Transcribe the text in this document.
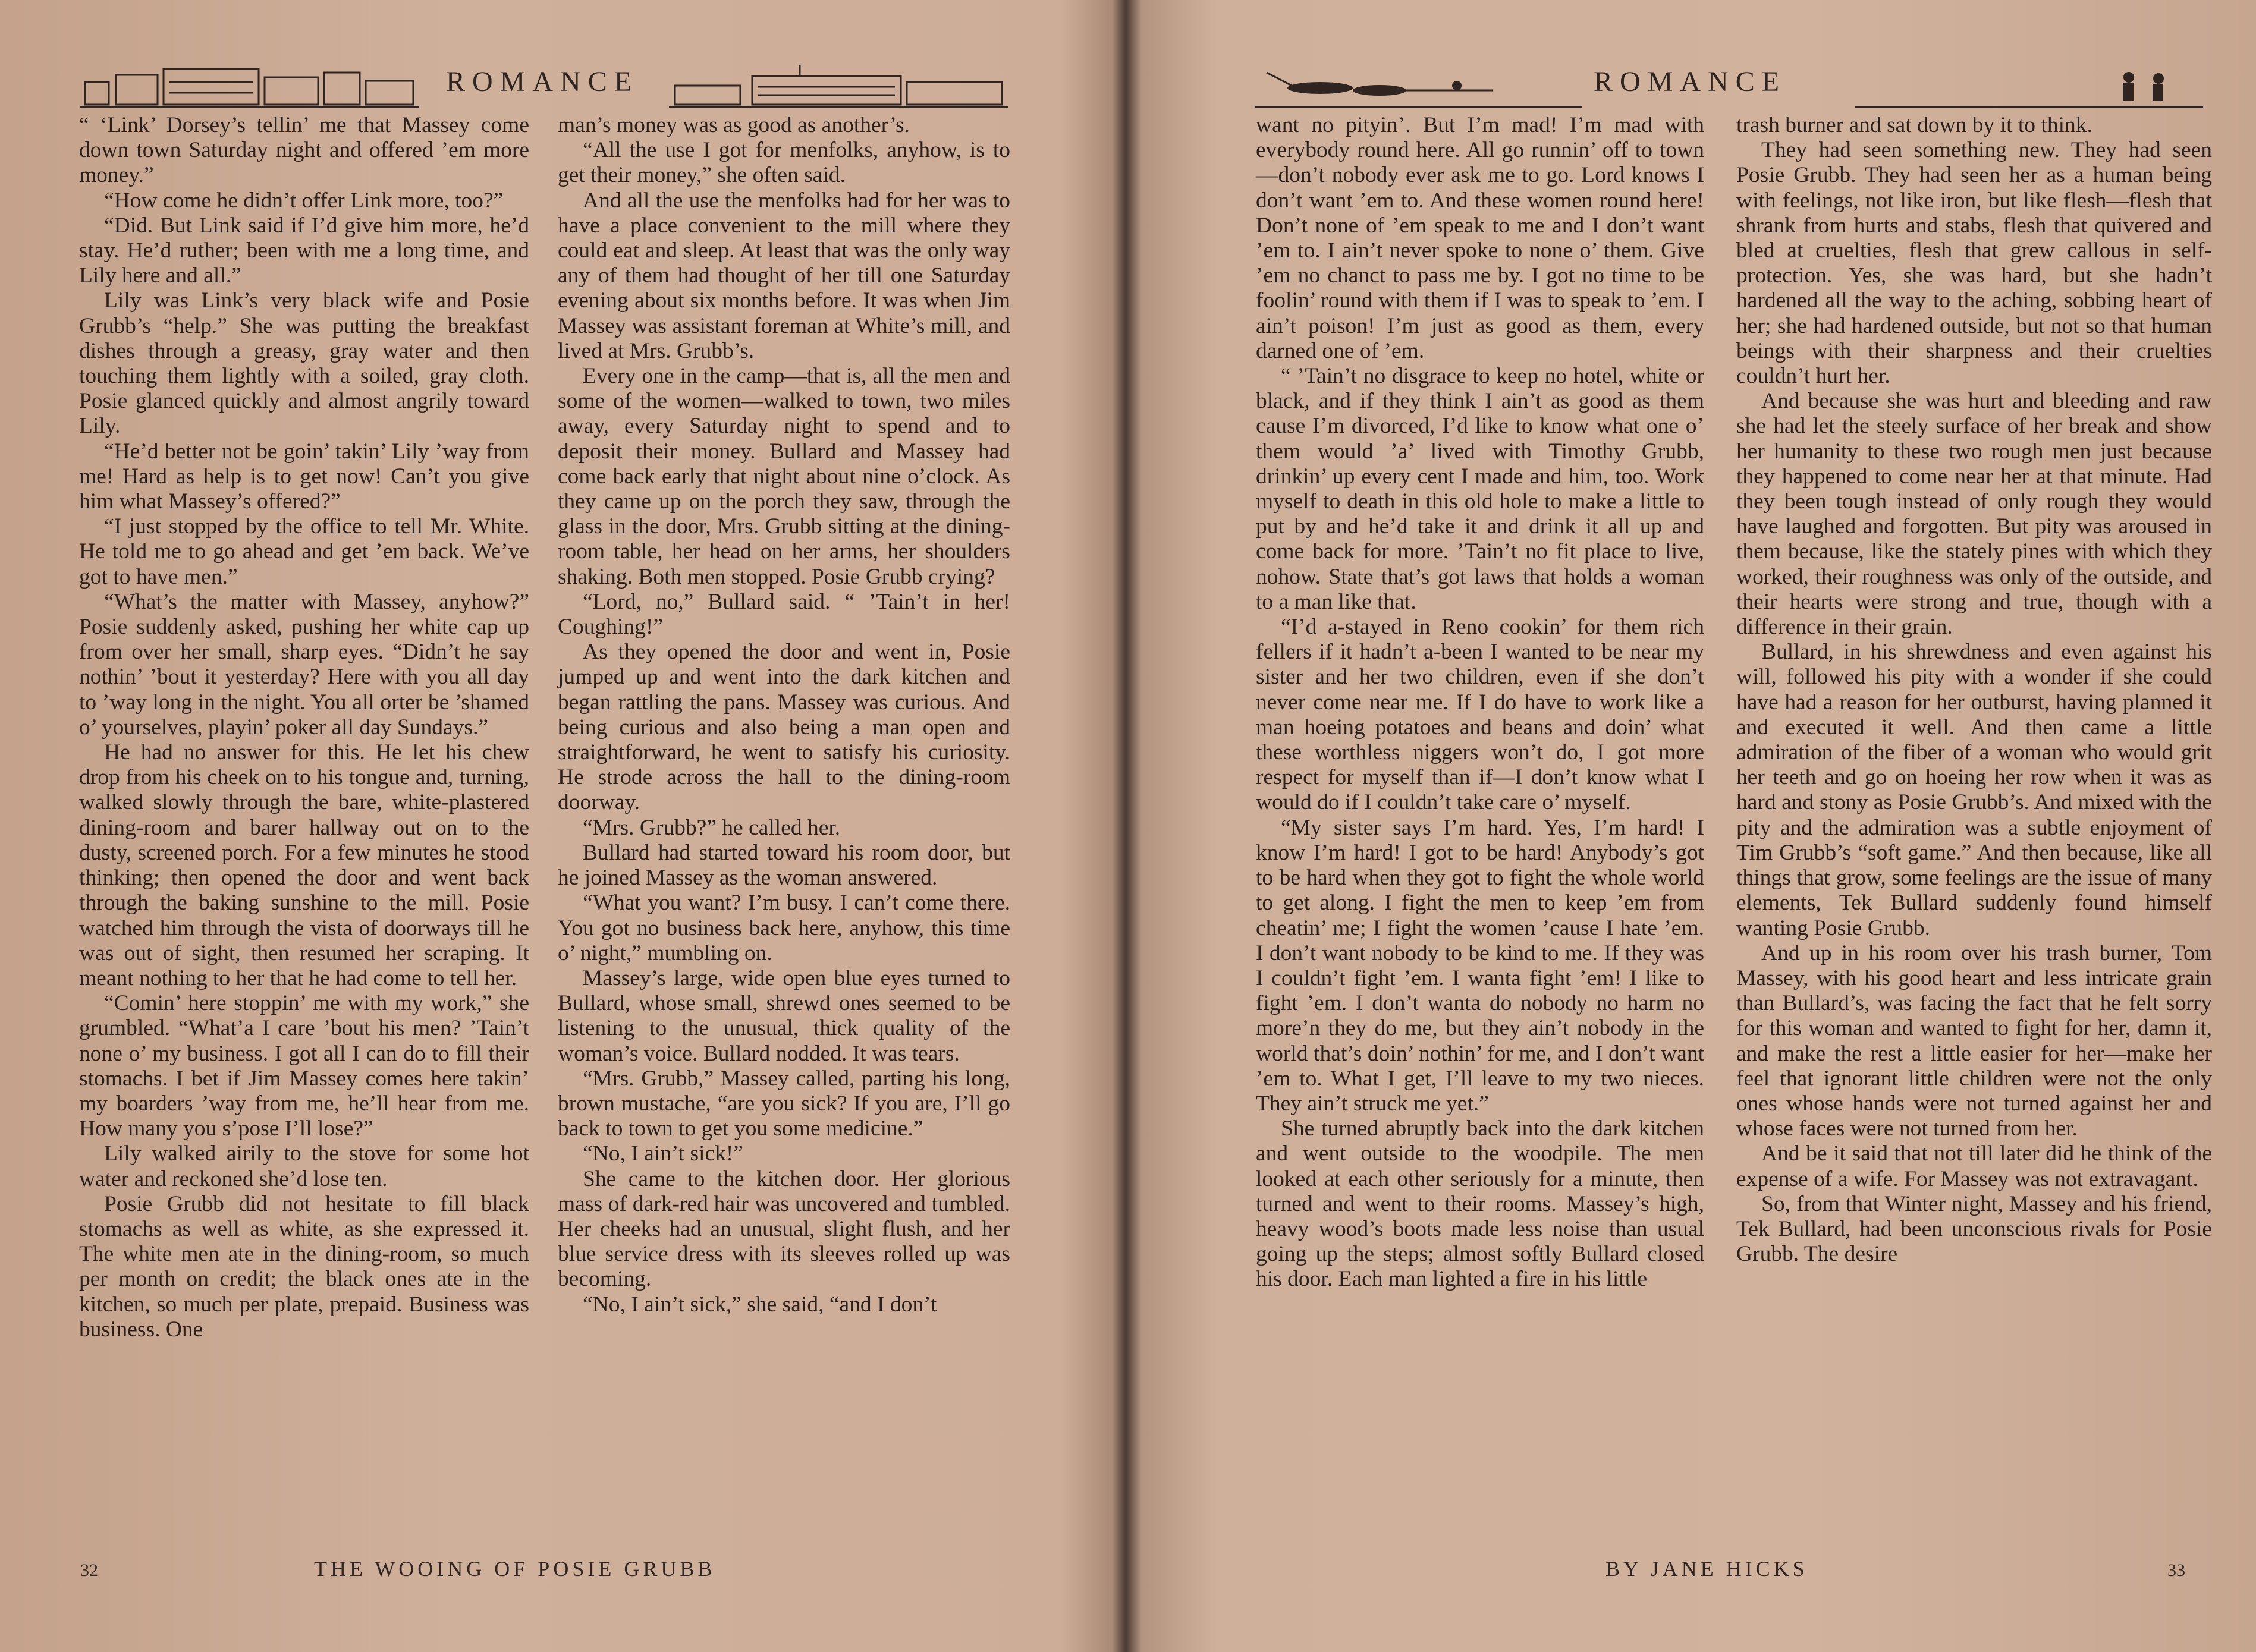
ROMANCE

“ ‘Link’ Dorsey’s tellin’ me that Massey come down town Saturday night and offered ’em more money.”

“How come he didn’t offer Link more, too?”

“Did. But Link said if I’d give him more, he’d stay. He’d ruther; been with me a long time, and Lily here and all.”

Lily was Link’s very black wife and Posie Grubb’s “help.” She was putting the breakfast dishes through a greasy, gray water and then touching them lightly with a soiled, gray cloth. Posie glanced quickly and almost angrily toward Lily.

“He’d better not be goin’ takin’ Lily ’way from me! Hard as help is to get now! Can’t you give him what Massey’s offered?”

“I just stopped by the office to tell Mr. White. He told me to go ahead and get ’em back. We’ve got to have men.”

“What’s the matter with Massey, anyhow?” Posie suddenly asked, pushing her white cap up from over her small, sharp eyes. “Didn’t he say nothin’ ’bout it yesterday? Here with you all day to ’way long in the night. You all orter be ’shamed o’ yourselves, playin’ poker all day Sundays.”

He had no answer for this. He let his chew drop from his cheek on to his tongue and, turning, walked slowly through the bare, white-plastered dining-room and barer hallway out on to the dusty, screened porch. For a few minutes he stood thinking; then opened the door and went back through the baking sunshine to the mill. Posie watched him through the vista of doorways till he was out of sight, then resumed her scraping. It meant nothing to her that he had come to tell her.

“Comin’ here stoppin’ me with my work,” she grumbled. “What’a I care ’bout his men? ’Tain’t none o’ my business. I got all I can do to fill their stomachs. I bet if Jim Massey comes here takin’ my boarders ’way from me, he’ll hear from me. How many you s’pose I’ll lose?”

Lily walked airily to the stove for some hot water and reckoned she’d lose ten.

Posie Grubb did not hesitate to fill black stomachs as well as white, as she expressed it. The white men ate in the dining-room, so much per month on credit; the black ones ate in the kitchen, so much per plate, prepaid. Business was business. One

man’s money was as good as another’s.

“All the use I got for menfolks, anyhow, is to get their money,” she often said.

And all the use the menfolks had for her was to have a place convenient to the mill where they could eat and sleep. At least that was the only way any of them had thought of her till one Saturday evening about six months before. It was when Jim Massey was assistant foreman at White’s mill, and lived at Mrs. Grubb’s.

Every one in the camp—that is, all the men and some of the women—walked to town, two miles away, every Saturday night to spend and to deposit their money. Bullard and Massey had come back early that night about nine o’clock. As they came up on the porch they saw, through the glass in the door, Mrs. Grubb sitting at the dining-room table, her head on her arms, her shoulders shaking. Both men stopped. Posie Grubb crying?

“Lord, no,” Bullard said. “ ’Tain’t in her! Coughing!”

As they opened the door and went in, Posie jumped up and went into the dark kitchen and began rattling the pans. Massey was curious. And being curious and also being a man open and straightforward, he went to satisfy his curiosity. He strode across the hall to the dining-room doorway.

“Mrs. Grubb?” he called her.

Bullard had started toward his room door, but he joined Massey as the woman answered.

“What you want? I’m busy. I can’t come there. You got no business back here, anyhow, this time o’ night,” mumbling on.

Massey’s large, wide open blue eyes turned to Bullard, whose small, shrewd ones seemed to be listening to the unusual, thick quality of the woman’s voice. Bullard nodded. It was tears.

“Mrs. Grubb,” Massey called, parting his long, brown mustache, “are you sick? If you are, I’ll go back to town to get you some medicine.”

“No, I ain’t sick!”

She came to the kitchen door. Her glorious mass of dark-red hair was uncovered and tumbled. Her cheeks had an unusual, slight flush, and her blue service dress with its sleeves rolled up was becoming.

“No, I ain’t sick,” she said, “and I don’t

32	THE WOOING OF POSIE GRUBB
ROMANCE

want no pityin’. But I’m mad! I’m mad with everybody round here. All go runnin’ off to town—don’t nobody ever ask me to go. Lord knows I don’t want ’em to. And these women round here! Don’t none of ’em speak to me and I don’t want ’em to. I ain’t never spoke to none o’ them. Give ’em no chanct to pass me by. I got no time to be foolin’ round with them if I was to speak to ’em. I ain’t poison! I’m just as good as them, every darned one of ’em.

“ ’Tain’t no disgrace to keep no hotel, white or black, and if they think I ain’t as good as them cause I’m divorced, I’d like to know what one o’ them would ’a’ lived with Timothy Grubb, drinkin’ up every cent I made and him, too. Work myself to death in this old hole to make a little to put by and he’d take it and drink it all up and come back for more. ’Tain’t no fit place to live, nohow. State that’s got laws that holds a woman to a man like that.

“I’d a-stayed in Reno cookin’ for them rich fellers if it hadn’t a-been I wanted to be near my sister and her two children, even if she don’t never come near me. If I do have to work like a man hoeing potatoes and beans and doin’ what these worthless niggers won’t do, I got more respect for myself than if—I don’t know what I would do if I couldn’t take care o’ myself.

“My sister says I’m hard. Yes, I’m hard! I know I’m hard! I got to be hard! Anybody’s got to be hard when they got to fight the whole world to get along. I fight the men to keep ’em from cheatin’ me; I fight the women ’cause I hate ’em. I don’t want nobody to be kind to me. If they was I couldn’t fight ’em. I wanta fight ’em! I like to fight ’em. I don’t wanta do nobody no harm no more’n they do me, but they ain’t nobody in the world that’s doin’ nothin’ for me, and I don’t want ’em to. What I get, I’ll leave to my two nieces. They ain’t struck me yet.”

She turned abruptly back into the dark kitchen and went outside to the woodpile. The men looked at each other seriously for a minute, then turned and went to their rooms. Massey’s high, heavy wood’s boots made less noise than usual going up the steps; almost softly Bullard closed his door. Each man lighted a fire in his little

trash burner and sat down by it to think.

They had seen something new. They had seen Posie Grubb. They had seen her as a human being with feelings, not like iron, but like flesh—flesh that shrank from hurts and stabs, flesh that quivered and bled at cruelties, flesh that grew callous in self-protection. Yes, she was hard, but she hadn’t hardened all the way to the aching, sobbing heart of her; she had hardened outside, but not so that human beings with their sharpness and their cruelties couldn’t hurt her.

And because she was hurt and bleeding and raw she had let the steely surface of her break and show her humanity to these two rough men just because they happened to come near her at that minute. Had they been tough instead of only rough they would have laughed and forgotten. But pity was aroused in them because, like the stately pines with which they worked, their roughness was only of the outside, and their hearts were strong and true, though with a difference in their grain.

Bullard, in his shrewdness and even against his will, followed his pity with a wonder if she could have had a reason for her outburst, having planned it and executed it well. And then came a little admiration of the fiber of a woman who would grit her teeth and go on hoeing her row when it was as hard and stony as Posie Grubb’s. And mixed with the pity and the admiration was a subtle enjoyment of Tim Grubb’s “soft game.” And then because, like all things that grow, some feelings are the issue of many elements, Tek Bullard suddenly found himself wanting Posie Grubb.

And up in his room over his trash burner, Tom Massey, with his good heart and less intricate grain than Bullard’s, was facing the fact that he felt sorry for this woman and wanted to fight for her, damn it, and make the rest a little easier for her—make her feel that ignorant little children were not the only ones whose hands were not turned against her and whose faces were not turned from her.

And be it said that not till later did he think of the expense of a wife. For Massey was not extravagant.

So, from that Winter night, Massey and his friend, Tek Bullard, had been unconscious rivals for Posie Grubb. The desire

BY JANE HICKS	33
